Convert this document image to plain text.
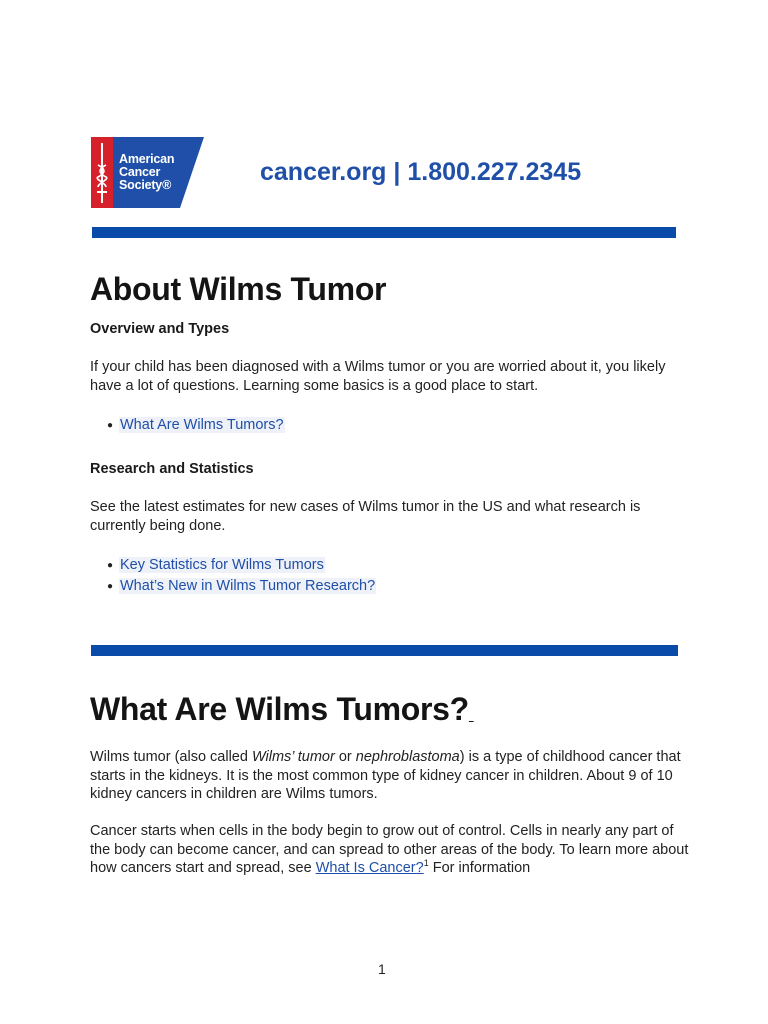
American
Cancer
Society®	cancer.org | 1.800.227.2345
About Wilms Tumor
Overview and Types

If your child has been diagnosed with a Wilms tumor or you are worried about it, you likely have a lot of questions. Learning some basics is a good place to start.

● What Are Wilms Tumors?
Research and Statistics

See the latest estimates for new cases of Wilms tumor in the US and what research is currently being done.

● Key Statistics for Wilms Tumors
● What’s New in Wilms Tumor Research?
What Are Wilms Tumors?

Wilms tumor (also called Wilms’ tumor or nephroblastoma) is a type of childhood cancer that starts in the kidneys. It is the most common type of kidney cancer in children. About 9 of 10 kidney cancers in children are Wilms tumors.

Cancer starts when cells in the body begin to grow out of control. Cells in nearly any part of the body can become cancer, and can spread to other areas of the body. To learn more about how cancers start and spread, see What Is Cancer?$^1$ For information

1
